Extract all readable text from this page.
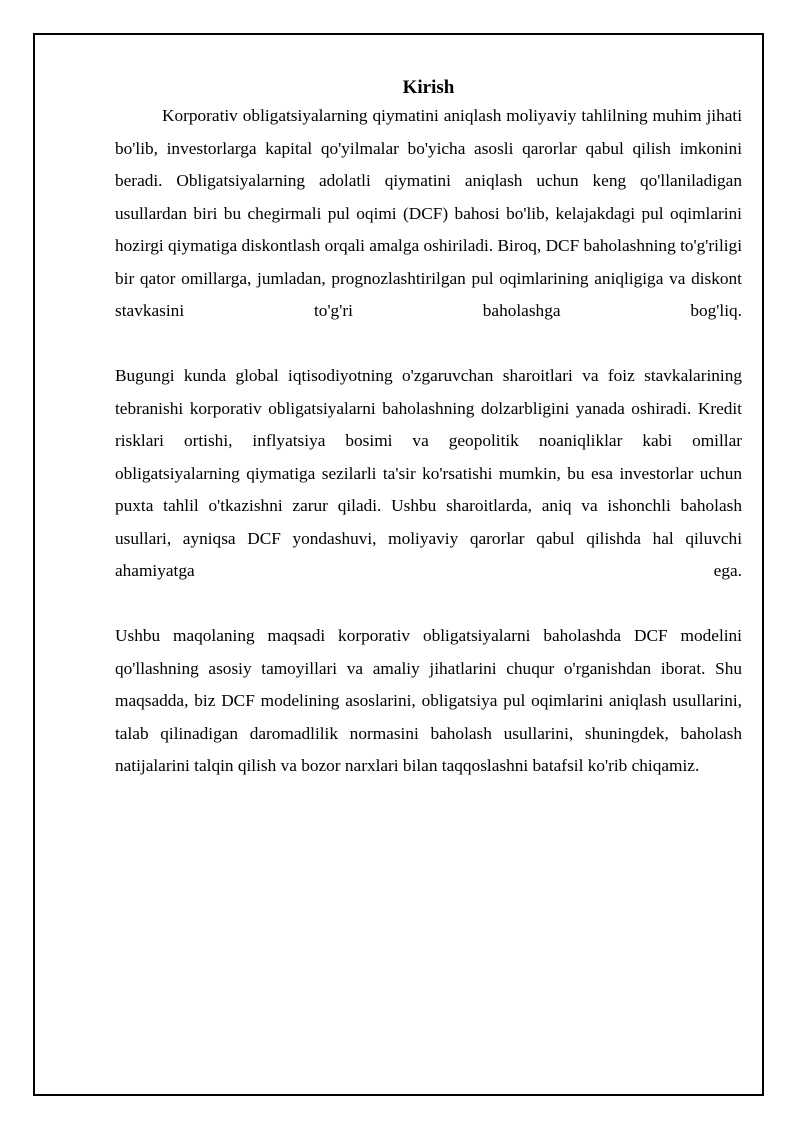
Kirish

Korporativ obligatsiyalarning qiymatini aniqlash moliyaviy tahlilning muhim jihati bo'lib, investorlarga kapital qo'yilmalar bo'yicha asosli qarorlar qabul qilish imkonini beradi. Obligatsiyalarning adolatli qiymatini aniqlash uchun keng qo'llaniladigan usullardan biri bu chegirmali pul oqimi (DCF) bahosi bo'lib, kelajakdagi pul oqimlarini hozirgi qiymatiga diskontlash orqali amalga oshiriladi. Biroq, DCF baholashning to'g'riligi bir qator omillarga, jumladan, prognozlashtirilgan pul oqimlarining aniqligiga va diskont stavkasini to'g'ri baholashga bog'liq.

Bugungi kunda global iqtisodiyotning o'zgaruvchan sharoitlari va foiz stavkalarining tebranishi korporativ obligatsiyalarni baholashning dolzarbligini yanada oshiradi. Kredit risklari ortishi, inflyatsiya bosimi va geopolitik noaniqliklar kabi omillar obligatsiyalarning qiymatiga sezilarli ta'sir ko'rsatishi mumkin, bu esa investorlar uchun puxta tahlil o'tkazishni zarur qiladi. Ushbu sharoitlarda, aniq va ishonchli baholash usullari, ayniqsa DCF yondashuvi, moliyaviy qarorlar qabul qilishda hal qiluvchi ahamiyatga ega.

Ushbu maqolaning maqsadi korporativ obligatsiyalarni baholashda DCF modelini qo'llashning asosiy tamoyillari va amaliy jihatlarini chuqur o'rganishdan iborat. Shu maqsadda, biz DCF modelining asoslarini, obligatsiya pul oqimlarini aniqlash usullarini, talab qilinadigan daromadlilik normasini baholash usullarini, shuningdek, baholash natijalarini talqin qilish va bozor narxlari bilan taqqoslashni batafsil ko'rib chiqamiz.
